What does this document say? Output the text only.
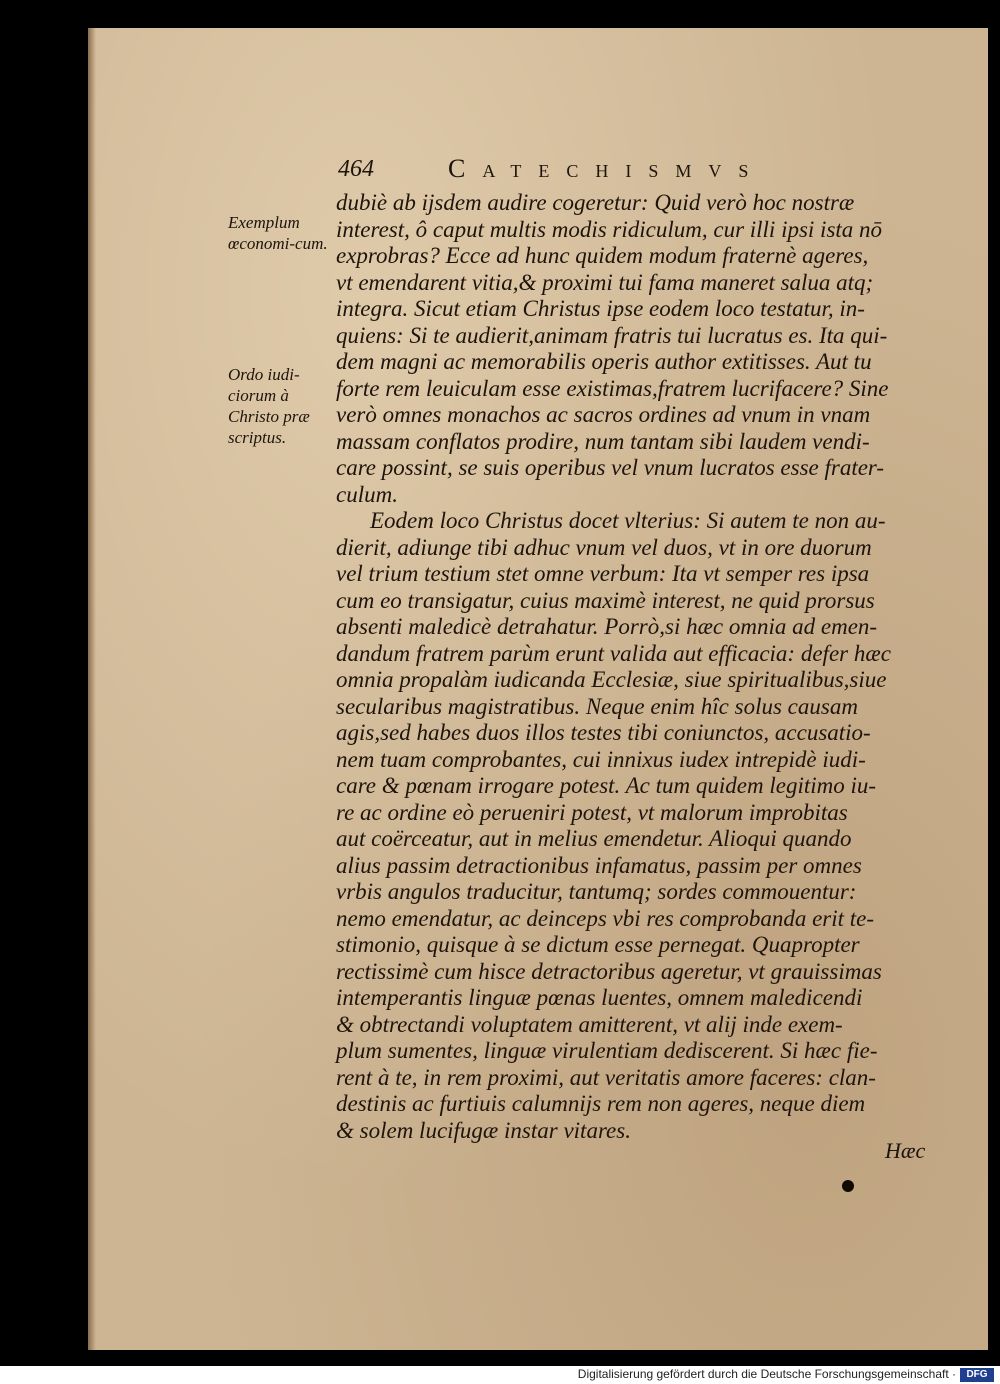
464	Catechismvs
Exemplum œconomi-cum.
Ordo iudi-ciorum à Christo præ scriptus.
dubiè ab ijsdem audire cogeretur: Quid verò hoc nostræ
interest, ô caput multis modis ridiculum, cur illi ipsi ista nō
exprobras? Ecce ad hunc quidem modum fraternè ageres,
vt emendarent vitia,& proximi tui fama maneret salua atq;
integra. Sicut etiam Christus ipse eodem loco testatur, in-
quiens: Si te audierit,animam fratris tui lucratus es. Ita qui-
dem magni ac memorabilis operis author extitisses. Aut tu
forte rem leuiculam esse existimas,fratrem lucrifacere? Sine
verò omnes monachos ac sacros ordines ad vnum in vnam
massam conflatos prodire, num tantam sibi laudem vendi-
care possint, se suis operibus vel vnum lucratos esse frater-
culum.
Eodem loco Christus docet vlterius: Si autem te non au-
dierit, adiunge tibi adhuc vnum vel duos, vt in ore duorum
vel trium testium stet omne verbum: Ita vt semper res ipsa
cum eo transigatur, cuius maximè interest, ne quid prorsus
absenti maledicè detrahatur. Porrò,si hæc omnia ad emen-
dandum fratrem parùm erunt valida aut efficacia: defer hæc
omnia propalàm iudicanda Ecclesiæ, siue spiritualibus,siue
secularibus magistratibus. Neque enim hîc solus causam
agis,sed habes duos illos testes tibi coniunctos, accusatio-
nem tuam comprobantes, cui innixus iudex intrepidè iudi-
care & pœnam irrogare potest. Ac tum quidem legitimo iu-
re ac ordine eò perueniri potest, vt malorum improbitas
aut coërceatur, aut in melius emendetur. Alioqui quando
alius passim detractionibus infamatus, passim per omnes
vrbis angulos traducitur, tantumq; sordes commouentur:
nemo emendatur, ac deinceps vbi res comprobanda erit te-
stimonio, quisque à se dictum esse pernegat. Quapropter
rectissimè cum hisce detractoribus ageretur, vt grauissimas
intemperantis linguæ pœnas luentes, omnem maledicendi
& obtrectandi voluptatem amitterent, vt alij inde exem-
plum sumentes, linguæ virulentiam dediscerent. Si hæc fie-
rent à te, in rem proximi, aut veritatis amore faceres: clan-
destinis ac furtiuis calumnijs rem non ageres, neque diem
& solem lucifugæ instar vitares.
Hæc
Digitalisierung gefördert durch die Deutsche Forschungsgemeinschaft ·	DFG
